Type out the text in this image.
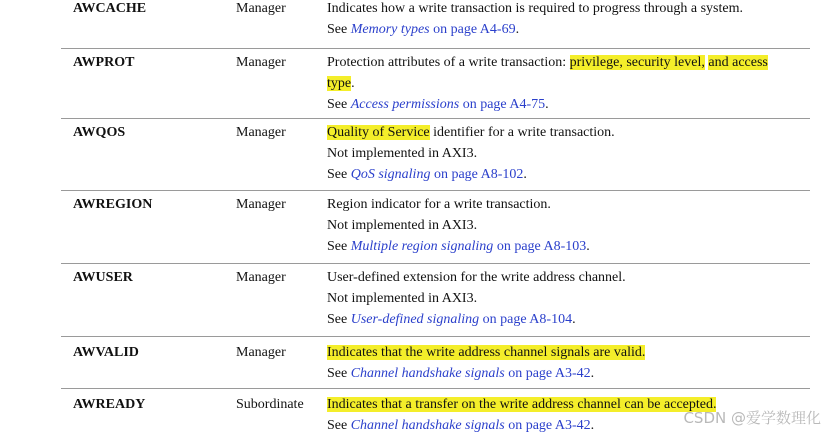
AWCACHE	Manager	Indicates how a write transaction is required to progress through a system.
See Memory types on page A4-69.
AWPROT	Manager	Protection attributes of a write transaction: privilege, security level, and access type.
See Access permissions on page A4-75.
AWQOS	Manager	Quality of Service identifier for a write transaction.
Not implemented in AXI3.
See QoS signaling on page A8-102.
AWREGION	Manager	Region indicator for a write transaction.
Not implemented in AXI3.
See Multiple region signaling on page A8-103.
AWUSER	Manager	User-defined extension for the write address channel.
Not implemented in AXI3.
See User-defined signaling on page A8-104.
AWVALID	Manager	Indicates that the write address channel signals are valid.
See Channel handshake signals on page A3-42.
AWREADY	Subordinate Indicates that a transfer on the write address channel can be accepted.
See Channel handshake signals on page A3-42.	CSDN @爱学数理化
